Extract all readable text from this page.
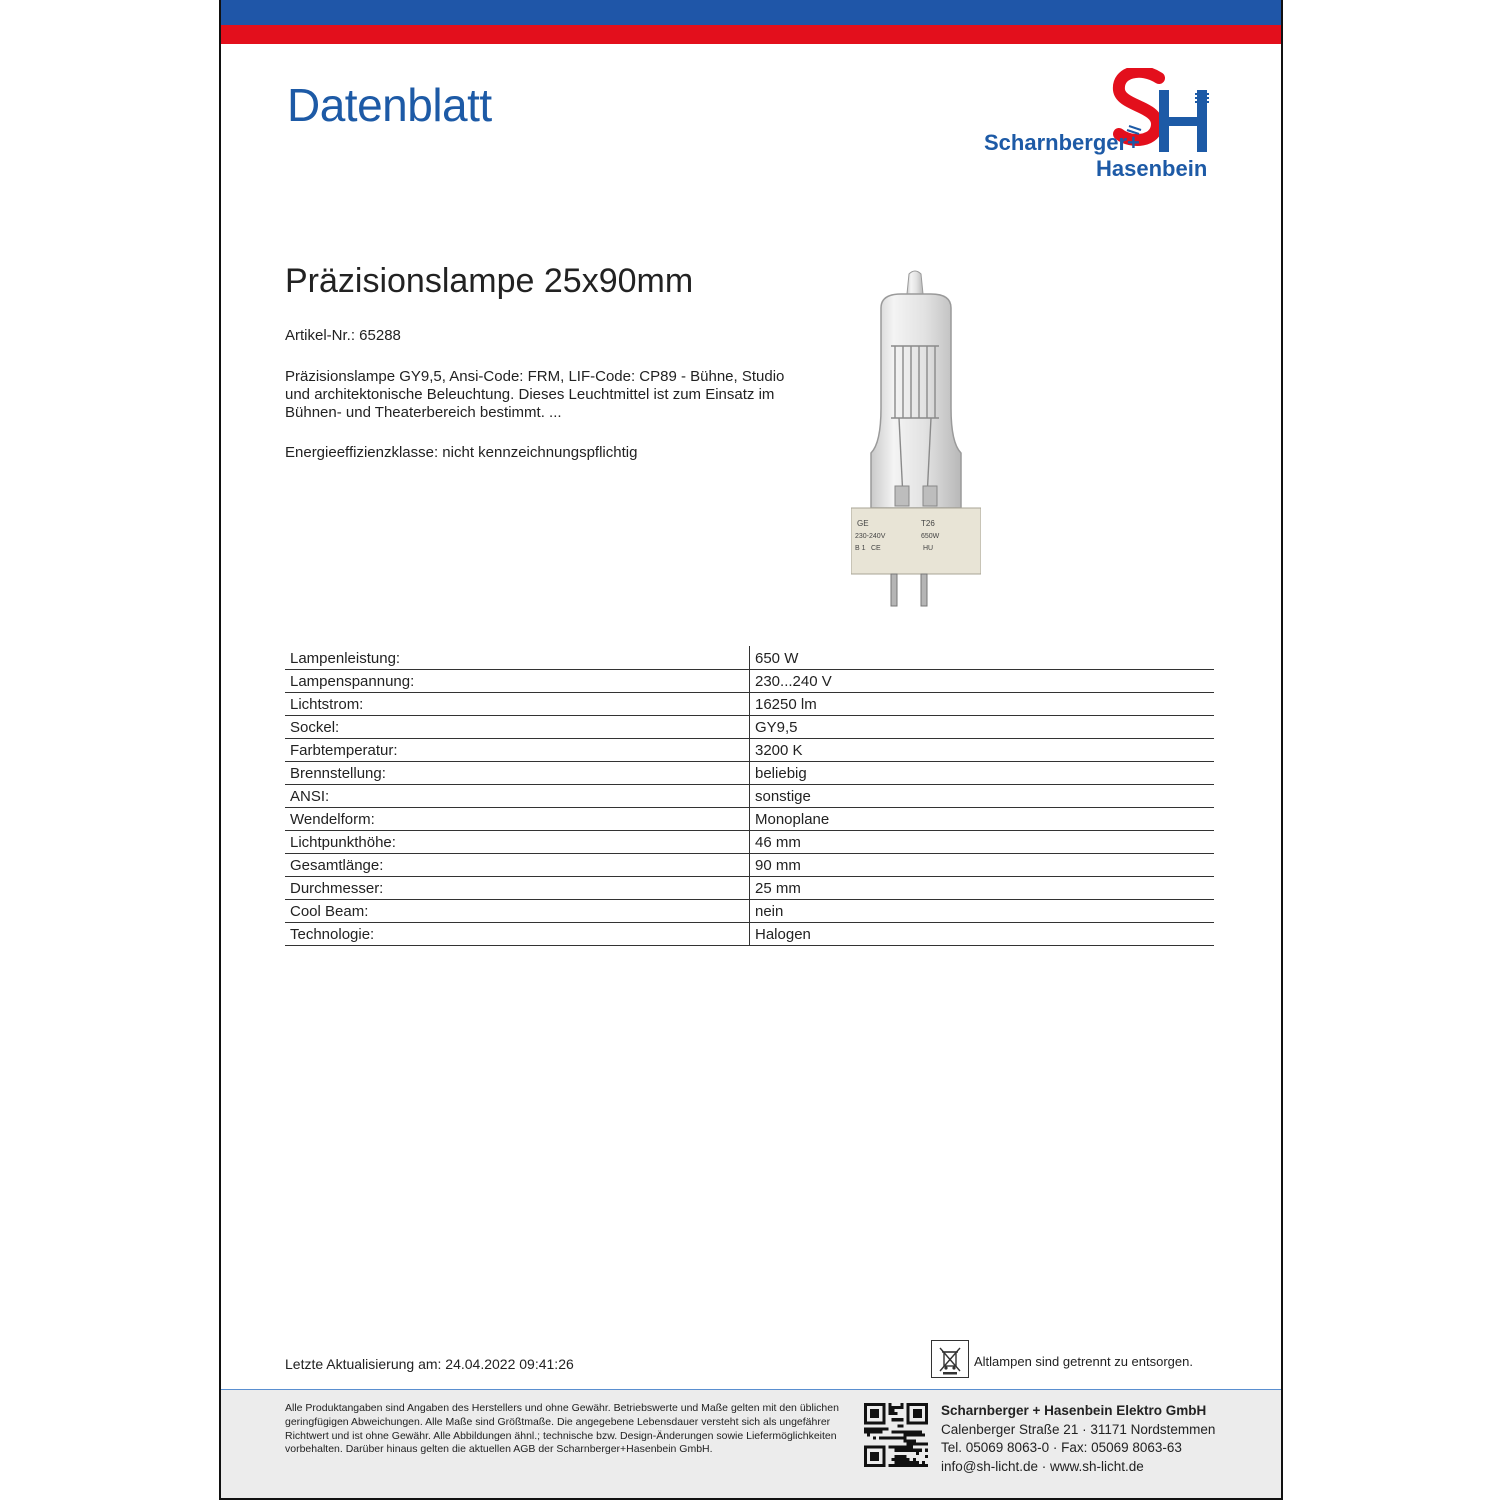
Datenblatt
Scharnberger+
Hasenbein
Präzisionslampe 25x90mm
Artikel-Nr.: 65288
Präzisionslampe GY9,5, Ansi-Code: FRM, LIF-Code: CP89 - Bühne, Studio und architektonische Beleuchtung. Dieses Leuchtmittel ist zum Einsatz im Bühnen- und Theaterbereich bestimmt. ...
Energieeffizienzklasse: nicht kennzeichnungspflichtig
GE	T26
230-240V	650W
B 1 CE	HU
Lampenleistung:	650 W
Lampenspannung:	230...240 V
Lichtstrom:	16250 lm
Sockel:	GY9,5
Farbtemperatur:	3200 K
Brennstellung:	beliebig
ANSI:	sonstige
Wendelform:	Monoplane
Lichtpunkthöhe:	46 mm
Gesamtlänge:	90 mm
Durchmesser:	25 mm
Cool Beam:	nein
Technologie:	Halogen
Letzte Aktualisierung am: 24.04.2022 09:41:26	Altlampen sind getrennt zu entsorgen.
Alle Produktangaben sind Angaben des Herstellers und ohne Gewähr. Betriebswerte und Maße gelten mit den üblichen geringfügigen Abweichungen. Alle Maße sind Größtmaße. Die angegebene Lebensdauer versteht sich als ungefährer Richtwert und ist ohne Gewähr. Alle Abbildungen ähnl.; technische bzw. Design-Änderungen sowie Liefermöglichkeiten vorbehalten. Darüber hinaus gelten die aktuellen AGB der Scharnberger+Hasenbein GmbH.
Scharnberger + Hasenbein Elektro GmbH
Calenberger Straße 21 · 31171 Nordstemmen
Tel. 05069 8063-0 · Fax: 05069 8063-63
info@sh-licht.de · www.sh-licht.de
